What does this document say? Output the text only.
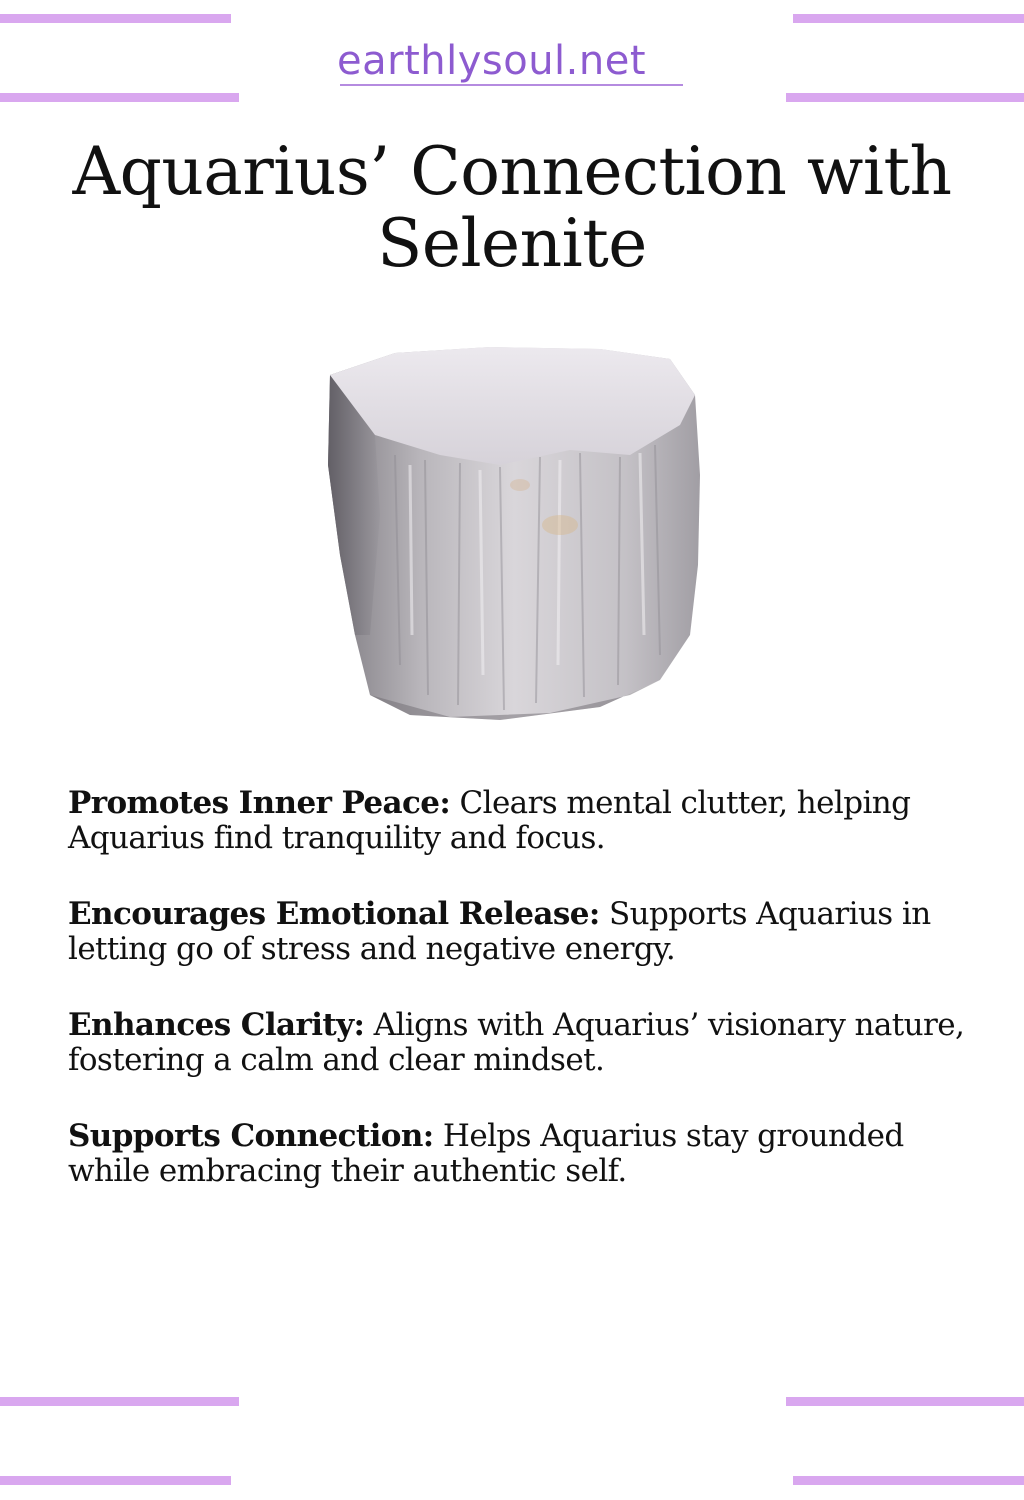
earthlysoul.net
Aquarius’ Connection with Selenite

Promotes Inner Peace: Clears mental clutter, helping Aquarius find tranquility and focus.

Encourages Emotional Release: Supports Aquarius in letting go of stress and negative energy.

Enhances Clarity: Aligns with Aquarius’ visionary nature, fostering a calm and clear mindset.

Supports Connection: Helps Aquarius stay grounded while embracing their authentic self.
